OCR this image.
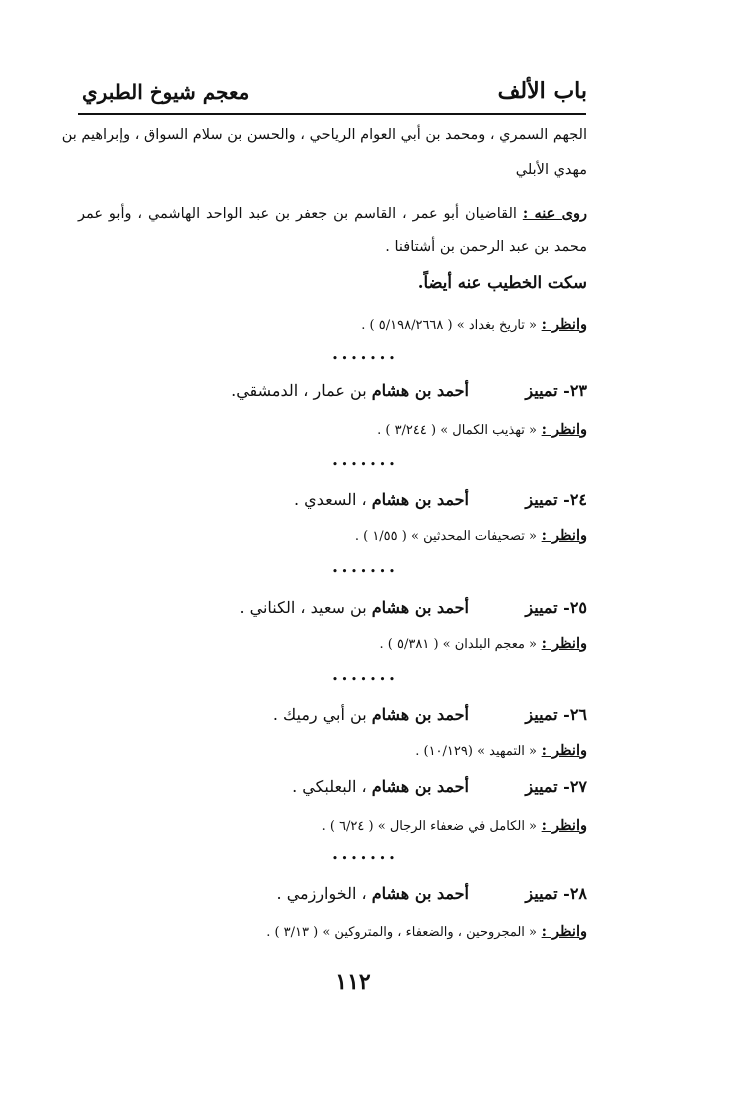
باب الألف
معجم شيوخ الطبري
الجهم السمري ، ومحمد بن أبي العوام الرياحي ، والحسن بن سلام السواق ، وإبراهيم بن
مهدي الأبلي
روى عنه : القاضيان أبو عمر ، القاسم بن جعفر بن عبد الواحد الهاشمي ، وأبو عمر
محمد بن عبد الرحمن بن أشتافنا .
سكت الخطيب عنه أيضاً.
وانظر : « تاريخ بغداد » ( ٥/١٩٨/٢٦٦٨ ) .
•••••••
٢٣- تمييزأحمد بن هشام بن عمار ، الدمشقي.
وانظر : « تهذيب الكمال » ( ٣/٢٤٤ ) .
•••••••
٢٤- تمييزأحمد بن هشام ، السعدي .
وانظر : « تصحيفات المحدثين » ( ١/٥٥ ) .
•••••••
٢٥- تمييزأحمد بن هشام بن سعيد ، الكناني .
وانظر : « معجم البلدان » ( ٥/٣٨١ ) .
•••••••
٢٦- تمييزأحمد بن هشام بن أبي رميك .
وانظر : « التمهيد » (١٠/١٢٩) .
٢٧- تمييزأحمد بن هشام ، البعلبكي .
وانظر : « الكامل في ضعفاء الرجال » ( ٦/٢٤ ) .
•••••••
٢٨- تمييزأحمد بن هشام ، الخوارزمي .
وانظر : « المجروحين ، والضعفاء ، والمتروكين » ( ٣/١٣ ) .
١١٢
